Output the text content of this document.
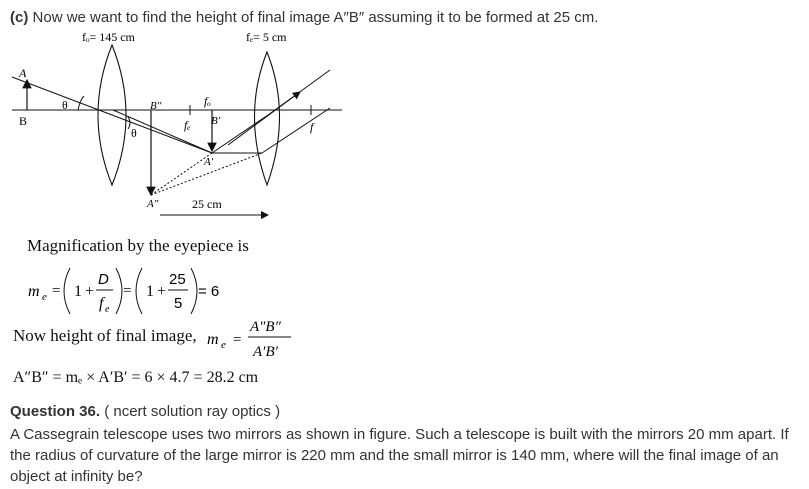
(c) Now we want to find the height of final image A″B″ assuming it to be formed at 25 cm.
fₒ= 145 cm	fₑ= 5 cm
A
B
θ
θ
B″
B′
A′
A″
fₒ
fₑ	f
25 cm
Magnification by the eyepiece is
m e = 1 +
D
f e
= 1 +
25
5
= 6
Now height of final image, m e =
A″B″
A′B′
A″B″ = mₑ × A′B′ = 6 × 4.7 = 28.2 cm
Question 36. ( ncert solution ray optics )
A Cassegrain telescope uses two mirrors as shown in figure. Such a telescope is built with the mirrors 20 mm apart. If the radius of curvature of the large mirror is 220 mm and the small mirror is 140 mm, where will the final image of an object at infinity be?
